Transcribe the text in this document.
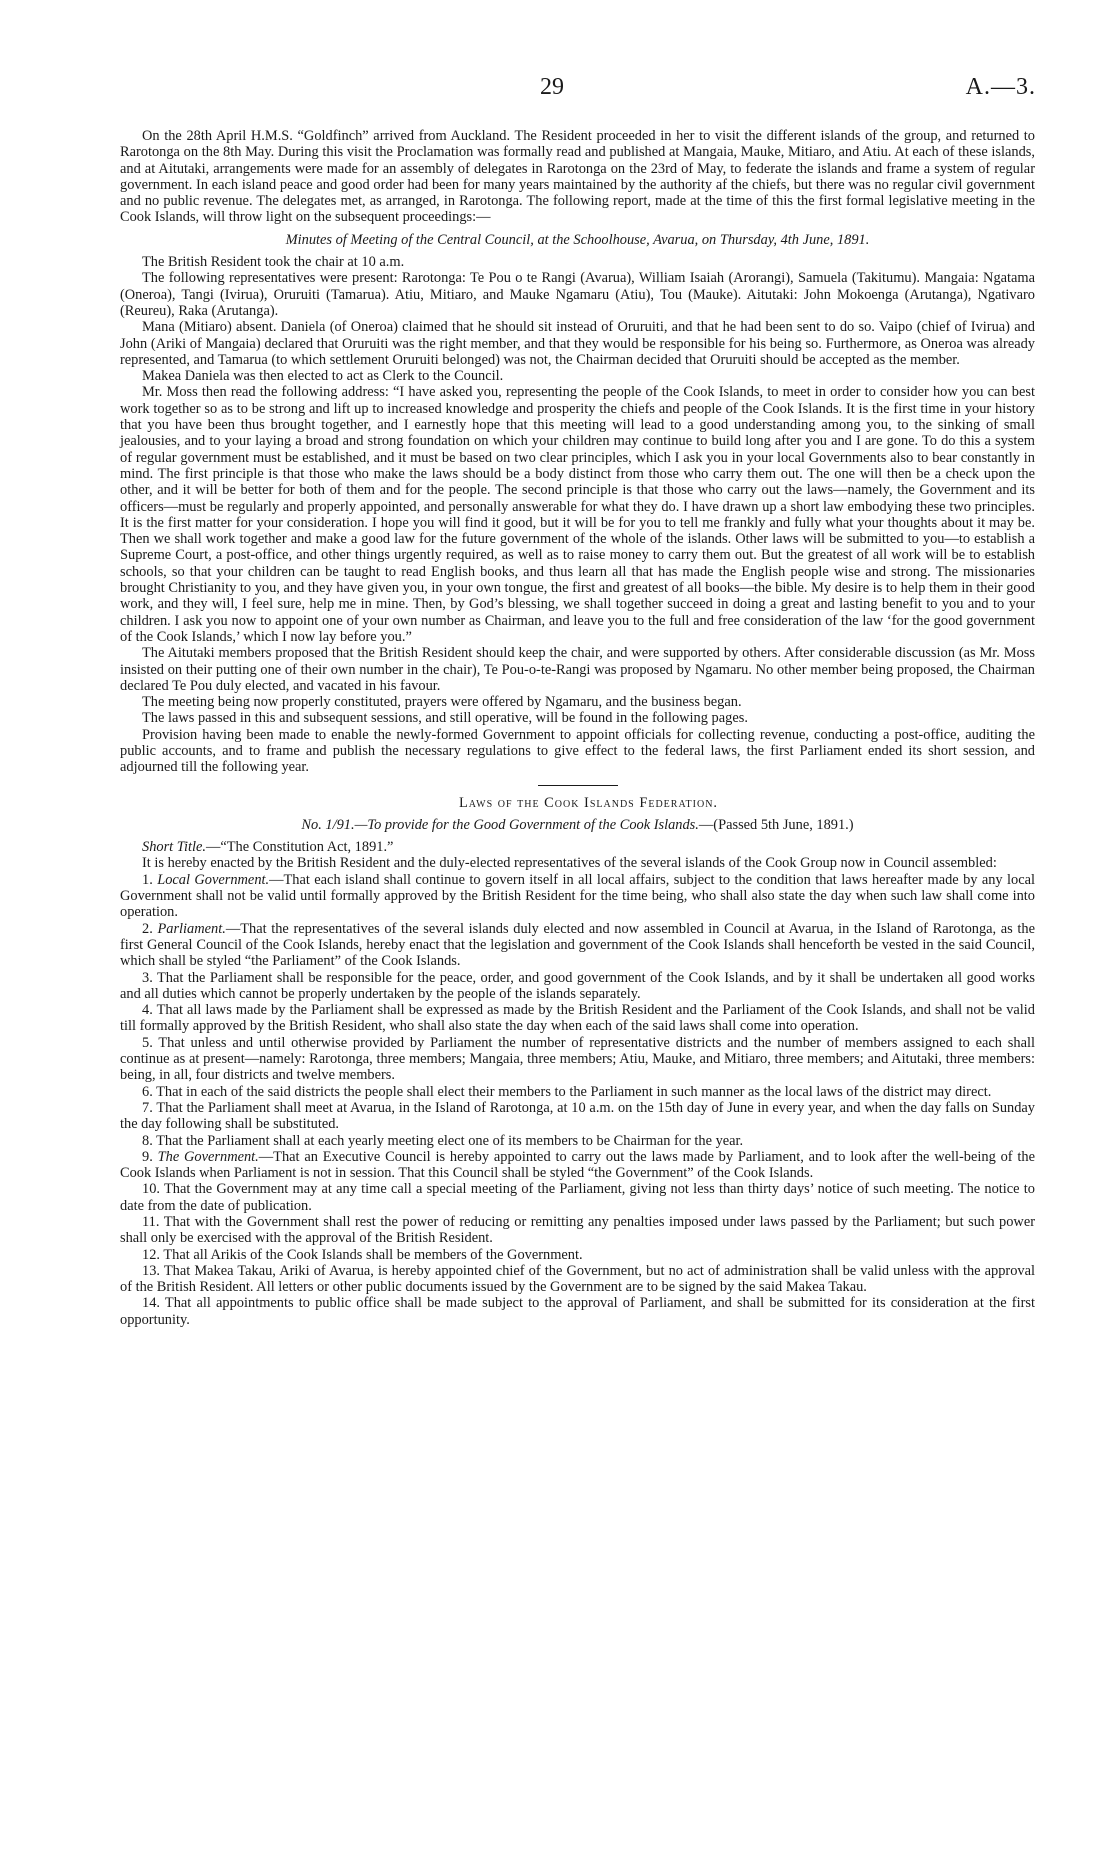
29	A.—3.

On the 28th April H.M.S. “Goldfinch” arrived from Auckland. The Resident proceeded in her to visit the different islands of the group, and returned to Rarotonga on the 8th May. During this visit the Proclamation was formally read and published at Mangaia, Mauke, Mitiaro, and Atiu. At each of these islands, and at Aitutaki, arrangements were made for an assembly of delegates in Rarotonga on the 23rd of May, to federate the islands and frame a system of regular government. In each island peace and good order had been for many years maintained by the authority af the chiefs, but there was no regular civil government and no public revenue. The delegates met, as arranged, in Rarotonga. The following report, made at the time of this the first formal legislative meeting in the Cook Islands, will throw light on the subsequent proceedings:—

Minutes of Meeting of the Central Council, at the Schoolhouse, Avarua, on Thursday, 4th June, 1891.

The British Resident took the chair at 10 a.m.

The following representatives were present: Rarotonga: Te Pou o te Rangi (Avarua), William Isaiah (Arorangi), Samuela (Takitumu). Mangaia: Ngatama (Oneroa), Tangi (Ivirua), Oruruiti (Tamarua). Atiu, Mitiaro, and Mauke Ngamaru (Atiu), Tou (Mauke). Aitutaki: John Mokoenga (Arutanga), Ngativaro (Reureu), Raka (Arutanga).

Mana (Mitiaro) absent. Daniela (of Oneroa) claimed that he should sit instead of Oruruiti, and that he had been sent to do so. Vaipo (chief of Ivirua) and John (Ariki of Mangaia) declared that Oruruiti was the right member, and that they would be responsible for his being so. Furthermore, as Oneroa was already represented, and Tamarua (to which settlement Oruruiti belonged) was not, the Chairman decided that Oruruiti should be accepted as the member.

Makea Daniela was then elected to act as Clerk to the Council.

Mr. Moss then read the following address: “I have asked you, representing the people of the Cook Islands, to meet in order to consider how you can best work together so as to be strong and lift up to increased knowledge and prosperity the chiefs and people of the Cook Islands. It is the first time in your history that you have been thus brought together, and I earnestly hope that this meeting will lead to a good understanding among you, to the sinking of small jealousies, and to your laying a broad and strong foundation on which your children may continue to build long after you and I are gone. To do this a system of regular government must be established, and it must be based on two clear principles, which I ask you in your local Governments also to bear constantly in mind. The first principle is that those who make the laws should be a body distinct from those who carry them out. The one will then be a check upon the other, and it will be better for both of them and for the people. The second principle is that those who carry out the laws—namely, the Government and its officers—must be regularly and properly appointed, and personally answerable for what they do. I have drawn up a short law embodying these two principles. It is the first matter for your consideration. I hope you will find it good, but it will be for you to tell me frankly and fully what your thoughts about it may be. Then we shall work together and make a good law for the future government of the whole of the islands. Other laws will be submitted to you—to establish a Supreme Court, a post-office, and other things urgently required, as well as to raise money to carry them out. But the greatest of all work will be to establish schools, so that your children can be taught to read English books, and thus learn all that has made the English people wise and strong. The missionaries brought Christianity to you, and they have given you, in your own tongue, the first and greatest of all books—the bible. My desire is to help them in their good work, and they will, I feel sure, help me in mine. Then, by God’s blessing, we shall together succeed in doing a great and lasting benefit to you and to your children. I ask you now to appoint one of your own number as Chairman, and leave you to the full and free consideration of the law ‘for the good government of the Cook Islands,’ which I now lay before you.”

The Aitutaki members proposed that the British Resident should keep the chair, and were supported by others. After considerable discussion (as Mr. Moss insisted on their putting one of their own number in the chair), Te Pou-o-te-Rangi was proposed by Ngamaru. No other member being proposed, the Chairman declared Te Pou duly elected, and vacated in his favour.

The meeting being now properly constituted, prayers were offered by Ngamaru, and the business began.

The laws passed in this and subsequent sessions, and still operative, will be found in the following pages.

Provision having been made to enable the newly-formed Government to appoint officials for collecting revenue, conducting a post-office, auditing the public accounts, and to frame and publish the necessary regulations to give effect to the federal laws, the first Parliament ended its short session, and adjourned till the following year.

Laws of the Cook Islands Federation.

No. 1/91.—To provide for the Good Government of the Cook Islands.—(Passed 5th June, 1891.)

Short Title.—“The Constitution Act, 1891.”

It is hereby enacted by the British Resident and the duly-elected representatives of the several islands of the Cook Group now in Council assembled:

1. Local Government.—That each island shall continue to govern itself in all local affairs, subject to the condition that laws hereafter made by any local Government shall not be valid until formally approved by the British Resident for the time being, who shall also state the day when such law shall come into operation.

2. Parliament.—That the representatives of the several islands duly elected and now assembled in Council at Avarua, in the Island of Rarotonga, as the first General Council of the Cook Islands, hereby enact that the legislation and government of the Cook Islands shall henceforth be vested in the said Council, which shall be styled “the Parliament” of the Cook Islands.

3. That the Parliament shall be responsible for the peace, order, and good government of the Cook Islands, and by it shall be undertaken all good works and all duties which cannot be properly undertaken by the people of the islands separately.

4. That all laws made by the Parliament shall be expressed as made by the British Resident and the Parliament of the Cook Islands, and shall not be valid till formally approved by the British Resident, who shall also state the day when each of the said laws shall come into operation.

5. That unless and until otherwise provided by Parliament the number of representative districts and the number of members assigned to each shall continue as at present—namely: Rarotonga, three members; Mangaia, three members; Atiu, Mauke, and Mitiaro, three members; and Aitutaki, three members: being, in all, four districts and twelve members.

6. That in each of the said districts the people shall elect their members to the Parliament in such manner as the local laws of the district may direct.

7. That the Parliament shall meet at Avarua, in the Island of Rarotonga, at 10 a.m. on the 15th day of June in every year, and when the day falls on Sunday the day following shall be substituted.

8. That the Parliament shall at each yearly meeting elect one of its members to be Chairman for the year.

9. The Government.—That an Executive Council is hereby appointed to carry out the laws made by Parliament, and to look after the well-being of the Cook Islands when Parliament is not in session. That this Council shall be styled “the Government” of the Cook Islands.

10. That the Government may at any time call a special meeting of the Parliament, giving not less than thirty days’ notice of such meeting. The notice to date from the date of publication.

11. That with the Government shall rest the power of reducing or remitting any penalties imposed under laws passed by the Parliament; but such power shall only be exercised with the approval of the British Resident.

12. That all Arikis of the Cook Islands shall be members of the Government.

13. That Makea Takau, Ariki of Avarua, is hereby appointed chief of the Government, but no act of administration shall be valid unless with the approval of the British Resident. All letters or other public documents issued by the Government are to be signed by the said Makea Takau.

14. That all appointments to public office shall be made subject to the approval of Parliament, and shall be submitted for its consideration at the first opportunity.
